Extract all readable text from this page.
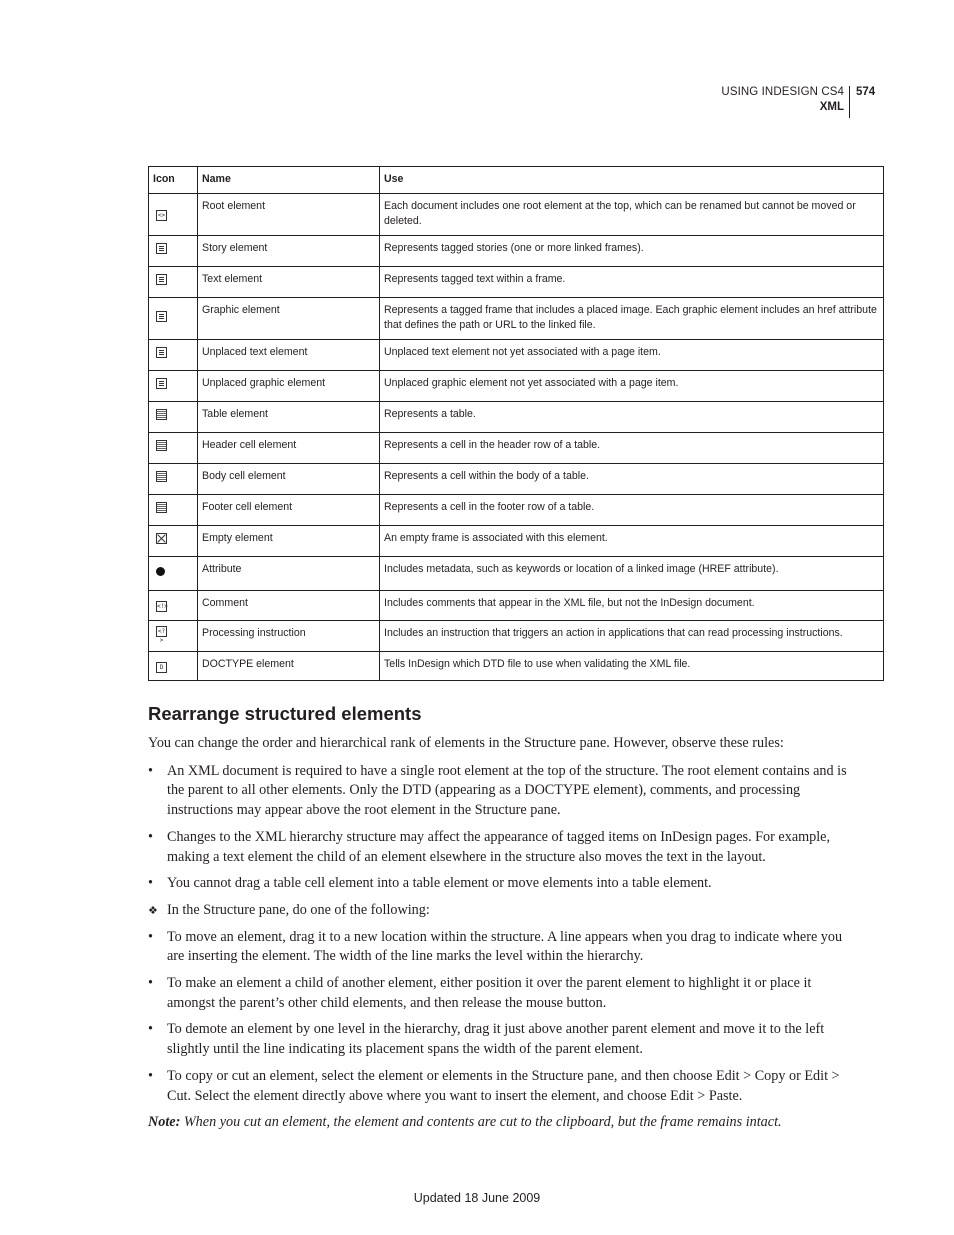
USING INDESIGN CS4
XML
574
Icon	Name	Use
<>	Root element	Each document includes one root element at the top, which can be renamed but cannot be moved or deleted.
	Story element	Represents tagged stories (one or more linked frames).
	Text element	Represents tagged text within a frame.
	Graphic element	Represents a tagged frame that includes a placed image. Each graphic element includes an href attribute that defines the path or URL to the linked file.
	Unplaced text element	Unplaced text element not yet associated with a page item.
	Unplaced graphic element	Unplaced graphic element not yet associated with a page item.
	Table element	Represents a table.
	Header cell element	Represents a cell in the header row of a table.
	Body cell element	Represents a cell within the body of a table.
	Footer cell element	Represents a cell in the footer row of a table.
	Empty element	An empty frame is associated with this element.
	Attribute	Includes metadata, such as keywords or location of a linked image (HREF attribute).
<!>	Comment	Includes comments that appear in the XML file, but not the InDesign document.
<?>	Processing instruction	Includes an instruction that triggers an action in applications that can read processing instructions.
D	DOCTYPE element	Tells InDesign which DTD file to use when validating the XML file.
Rearrange structured elements

You can change the order and hierarchical rank of elements in the Structure pane. However, observe these rules:

• An XML document is required to have a single root element at the top of the structure. The root element contains and is the parent to all other elements. Only the DTD (appearing as a DOCTYPE element), comments, and processing instructions may appear above the root element in the Structure pane.
• Changes to the XML hierarchy structure may affect the appearance of tagged items on InDesign pages. For example, making a text element the child of an element elsewhere in the structure also moves the text in the layout.
• You cannot drag a table cell element into a table element or move elements into a table element.
❖ In the Structure pane, do one of the following:
• To move an element, drag it to a new location within the structure. A line appears when you drag to indicate where you are inserting the element. The width of the line marks the level within the hierarchy.
• To make an element a child of another element, either position it over the parent element to highlight it or place it amongst the parent’s other child elements, and then release the mouse button.
• To demote an element by one level in the hierarchy, drag it just above another parent element and move it to the left slightly until the line indicating its placement spans the width of the parent element.
• To copy or cut an element, select the element or elements in the Structure pane, and then choose Edit > Copy or Edit > Cut. Select the element directly above where you want to insert the element, and choose Edit > Paste.
Note: When you cut an element, the element and contents are cut to the clipboard, but the frame remains intact.
Updated 18 June 2009
